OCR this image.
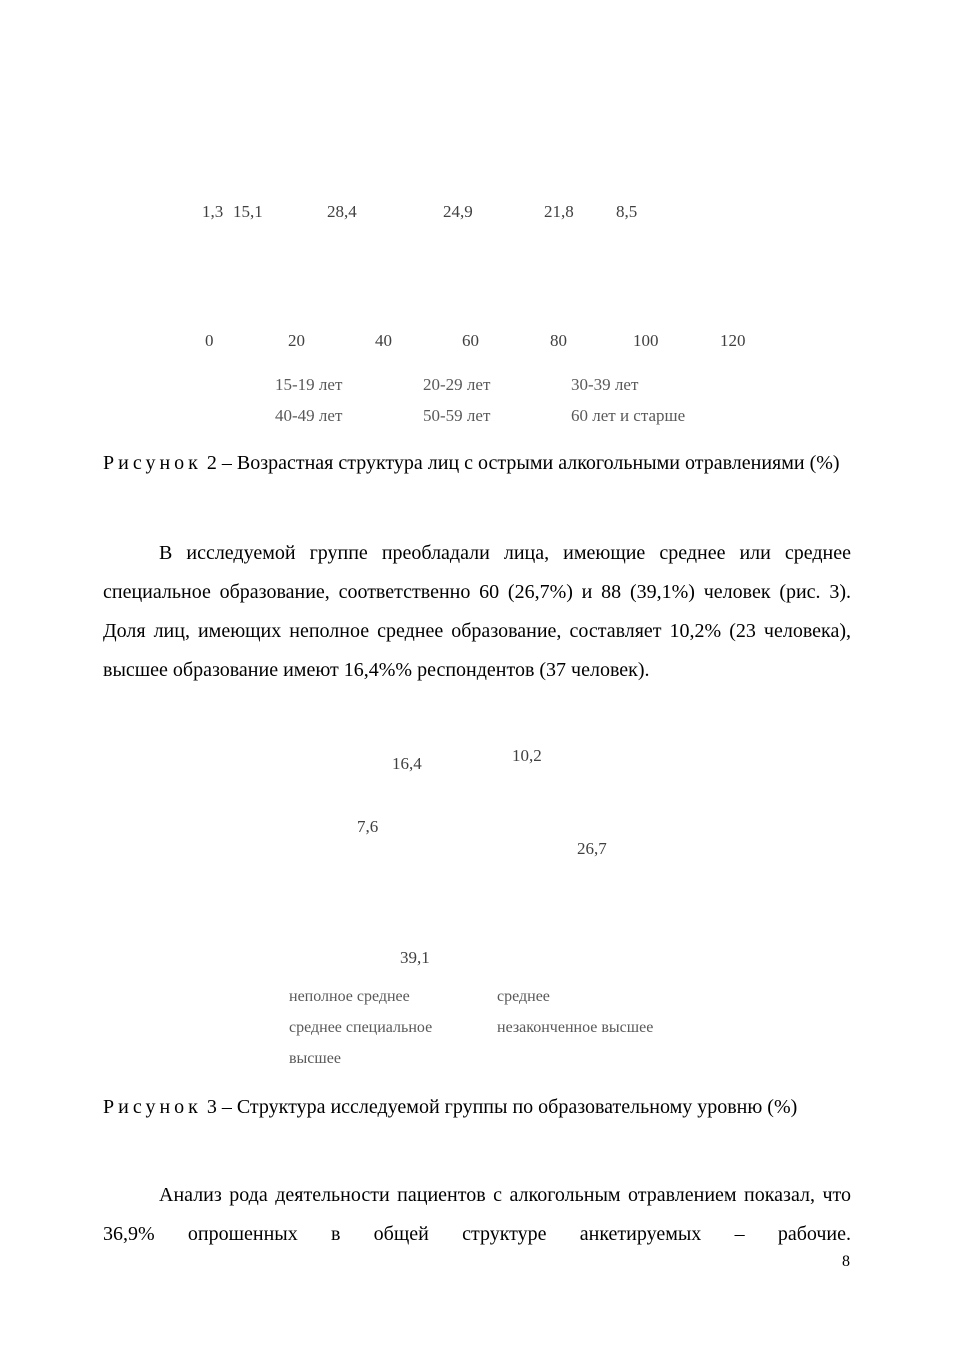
1,3 15,1	28,4	24,9	21,8 8,5
0	20	40	60	80	100	120
15-19 лет	20-29 лет	30-39 лет
40-49 лет	50-59 лет	60 лет и старше
Рисунок 2 – Возрастная структура лиц с острыми алкогольными отравлениями (%)

В исследуемой группе преобладали лица, имеющие среднее или среднее специальное образование, соответственно 60 (26,7%) и 88 (39,1%) человек (рис. 3). Доля лиц, имеющих неполное среднее образование, составляет 10,2% (23 человека), высшее образование имеют 16,4%% респондентов (37 человек).

16,4	10,2
7,6
26,7
39,1
неполное среднее	среднее
среднее специальное	незаконченное высшее
высшее
Рисунок 3 – Структура исследуемой группы по образовательному уровню (%)

Анализ рода деятельности пациентов с алкогольным отравлением показал, что 36,9% опрошенных в общей структуре анкетируемых – рабочие.

8
